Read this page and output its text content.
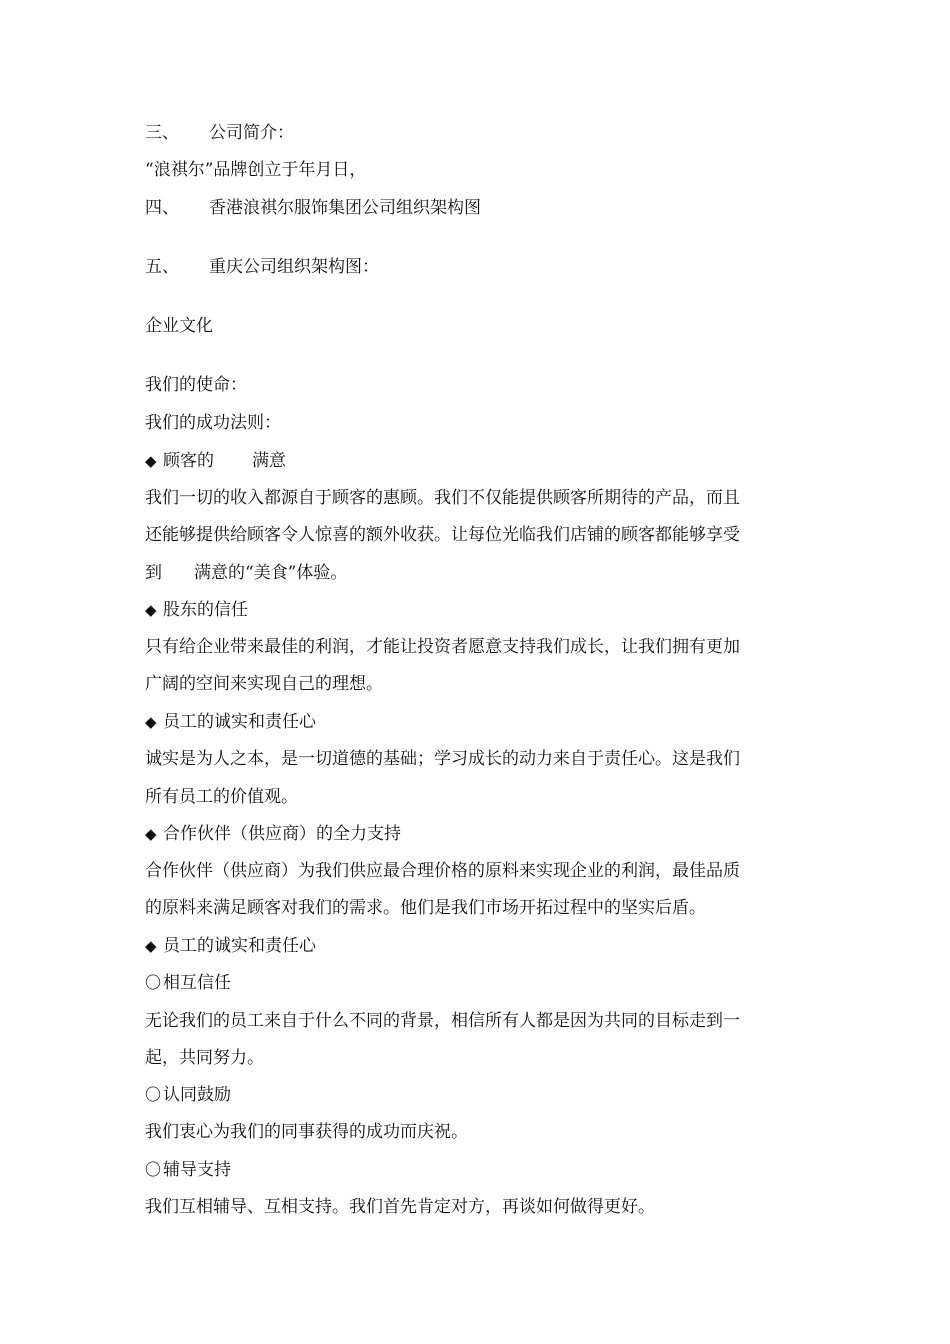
三、 公司简介：
“浪祺尔”品牌创立于年月日，
四、 香港浪祺尔服饰集团公司组织架构图
五、 重庆公司组织架构图：
企业文化
我们的使命：
我们的成功法则：
◆ 顾客的 满意
我们一切的收入都源自于顾客的惠顾。我们不仅能提供顾客所期待的产品，而且
还能够提供给顾客令人惊喜的额外收获。让每位光临我们店铺的顾客都能够享受
到 满意的“美食”体验。
◆ 股东的信任
只有给企业带来最佳的利润，才能让投资者愿意支持我们成长，让我们拥有更加
广阔的空间来实现自己的理想。
◆ 员工的诚实和责任心
诚实是为人之本，是一切道德的基础；学习成长的动力来自于责任心。这是我们
所有员工的价值观。
◆ 合作伙伴（供应商）的全力支持
合作伙伴（供应商）为我们供应最合理价格的原料来实现企业的利润，最佳品质
的原料来满足顾客对我们的需求。他们是我们市场开拓过程中的坚实后盾。
◆ 员工的诚实和责任心
〇 相互信任
无论我们的员工来自于什么不同的背景，相信所有人都是因为共同的目标走到一
起，共同努力。
〇 认同鼓励
我们衷心为我们的同事获得的成功而庆祝。
〇 辅导支持
我们互相辅导、互相支持。我们首先肯定对方，再谈如何做得更好。
